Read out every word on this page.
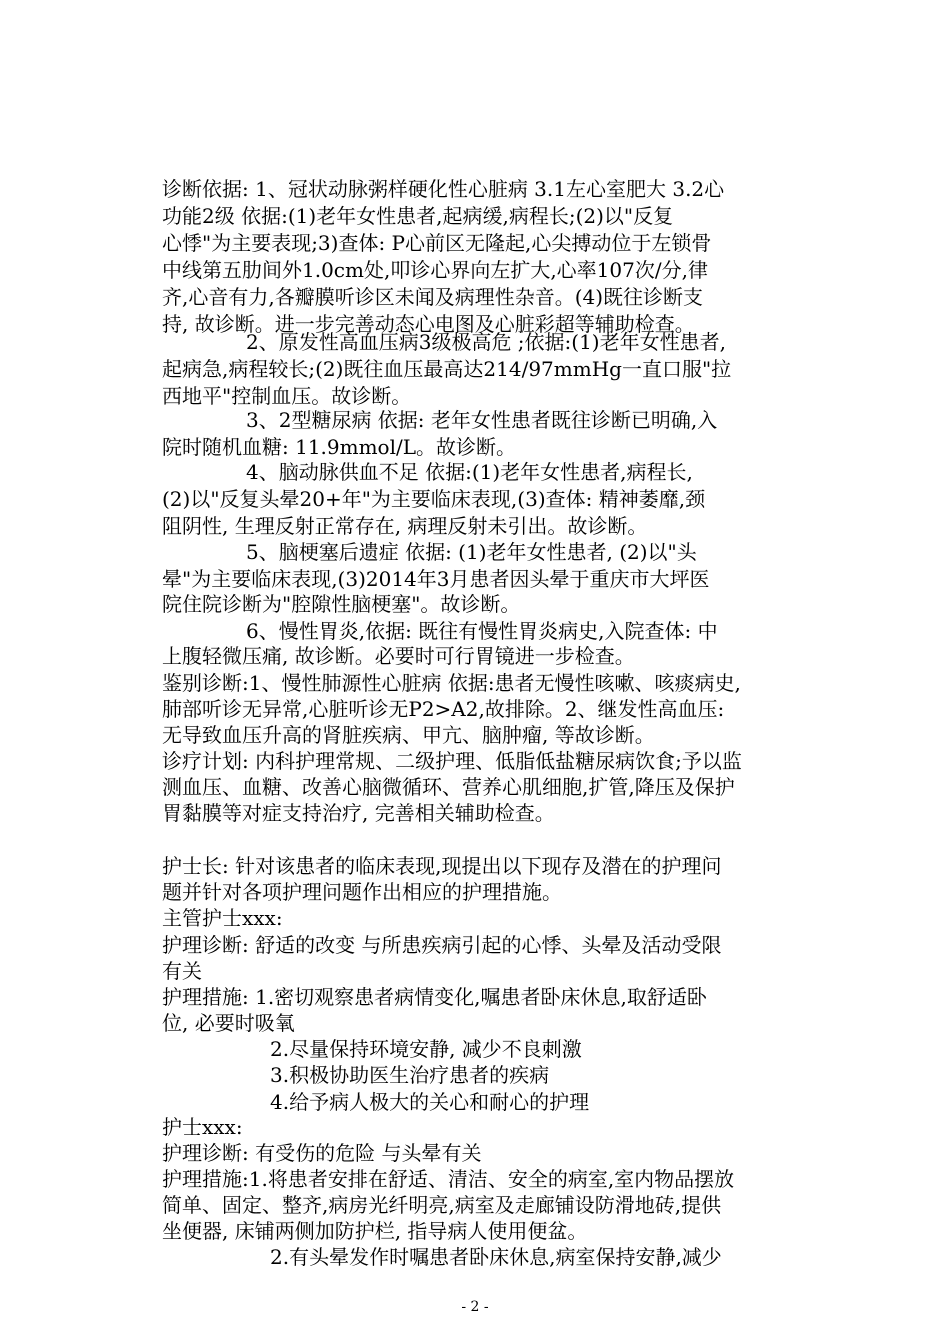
诊断依据: 1、冠状动脉粥样硬化性心脏病 3.1左心室肥大 3.2心
功能2级 依据:(1)老年女性患者,起病缓,病程长;(2)以"反复
心悸"为主要表现;3)查体: P心前区无隆起,心尖搏动位于左锁骨
中线第五肋间外1.0cm处,叩诊心界向左扩大,心率107次/分,律
齐,心音有力,各瓣膜听诊区未闻及病理性杂音。(4)既往诊断支
持, 故诊断。进一步完善动态心电图及心脏彩超等辅助检查。
2、原发性高血压病3级极高危 ;依据:(1)老年女性患者,
起病急,病程较长;(2)既往血压最高达214/97mmHg一直口服"拉
西地平"控制血压。故诊断。
3、2型糖尿病 依据: 老年女性患者既往诊断已明确,入
院时随机血糖: 11.9mmol/L。故诊断。
4、脑动脉供血不足 依据:(1)老年女性患者,病程长,
(2)以"反复头晕20+年"为主要临床表现,(3)查体: 精神萎靡,颈
阻阴性, 生理反射正常存在, 病理反射未引出。故诊断。
5、脑梗塞后遗症 依据: (1)老年女性患者, (2)以"头
晕"为主要临床表现,(3)2014年3月患者因头晕于重庆市大坪医
院住院诊断为"腔隙性脑梗塞"。故诊断。
6、慢性胃炎,依据: 既往有慢性胃炎病史,入院查体: 中
上腹轻微压痛, 故诊断。必要时可行胃镜进一步检查。
鉴别诊断:1、慢性肺源性心脏病 依据:患者无慢性咳嗽、咳痰病史,
肺部听诊无异常,心脏听诊无P2>A2,故排除。2、继发性高血压:
无导致血压升高的肾脏疾病、甲亢、脑肿瘤, 等故诊断。
诊疗计划: 内科护理常规、二级护理、低脂低盐糖尿病饮食;予以监
测血压、血糖、改善心脑微循环、营养心肌细胞,扩管,降压及保护
胃黏膜等对症支持治疗, 完善相关辅助检查。
护士长: 针对该患者的临床表现,现提出以下现存及潜在的护理问
题并针对各项护理问题作出相应的护理措施。
主管护士xxx:
护理诊断: 舒适的改变 与所患疾病引起的心悸、头晕及活动受限
有关
护理措施: 1.密切观察患者病情变化,嘱患者卧床休息,取舒适卧
位, 必要时吸氧
2.尽量保持环境安静, 减少不良刺激
3.积极协助医生治疗患者的疾病
4.给予病人极大的关心和耐心的护理
护士xxx:
护理诊断: 有受伤的危险 与头晕有关
护理措施:1.将患者安排在舒适、清洁、安全的病室,室内物品摆放
简单、固定、整齐,病房光纤明亮,病室及走廊铺设防滑地砖,提供
坐便器, 床铺两侧加防护栏, 指导病人使用便盆。
2.有头晕发作时嘱患者卧床休息,病室保持安静,减少
- 2 -
